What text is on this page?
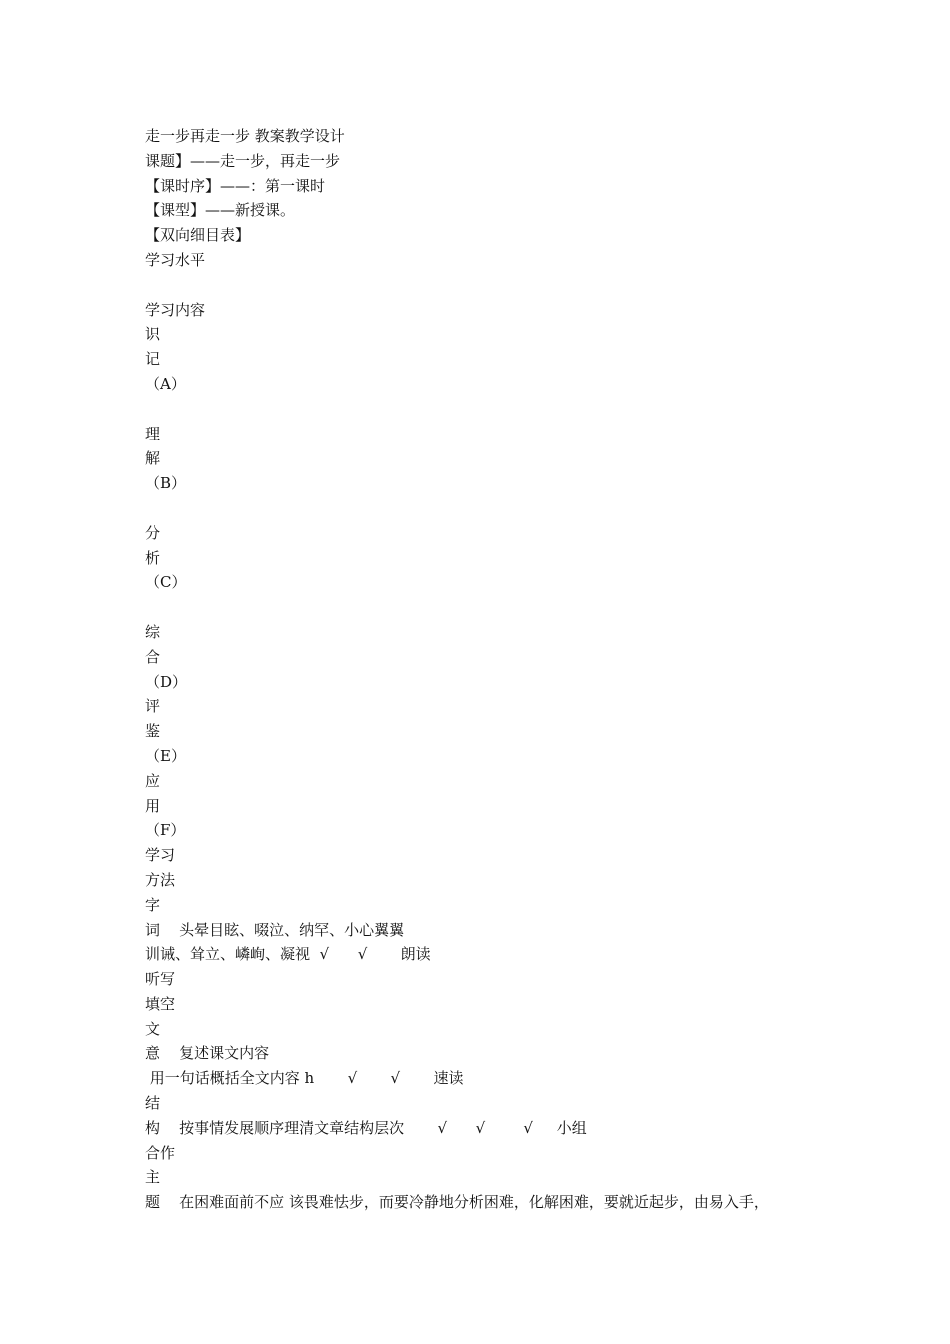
走一步再走一步 教案教学设计
课题】——走一步，再走一步
【课时序】——：第一课时
【课型】——新授课。
【双向细目表】
学习水平
学习内容
识
记
（A）
理
解
（B）
分
析
（C）
综
合
（D）
评
鉴
（E）
应
用
（F）
学习
方法
字
词    头晕目眩、啜泣、纳罕、小心翼翼
训诫、耸立、嶙峋、凝视  √      √       朗读
听写
填空
文
意    复述课文内容
用一句话概括全文内容 h       √       √       速读
结
构    按事情发展顺序理清文章结构层次       √      √        √     小组
合作
主
题    在困难面前不应 该畏难怯步，而要冷静地分析困难，化解困难，要就近起步，由易入手，
